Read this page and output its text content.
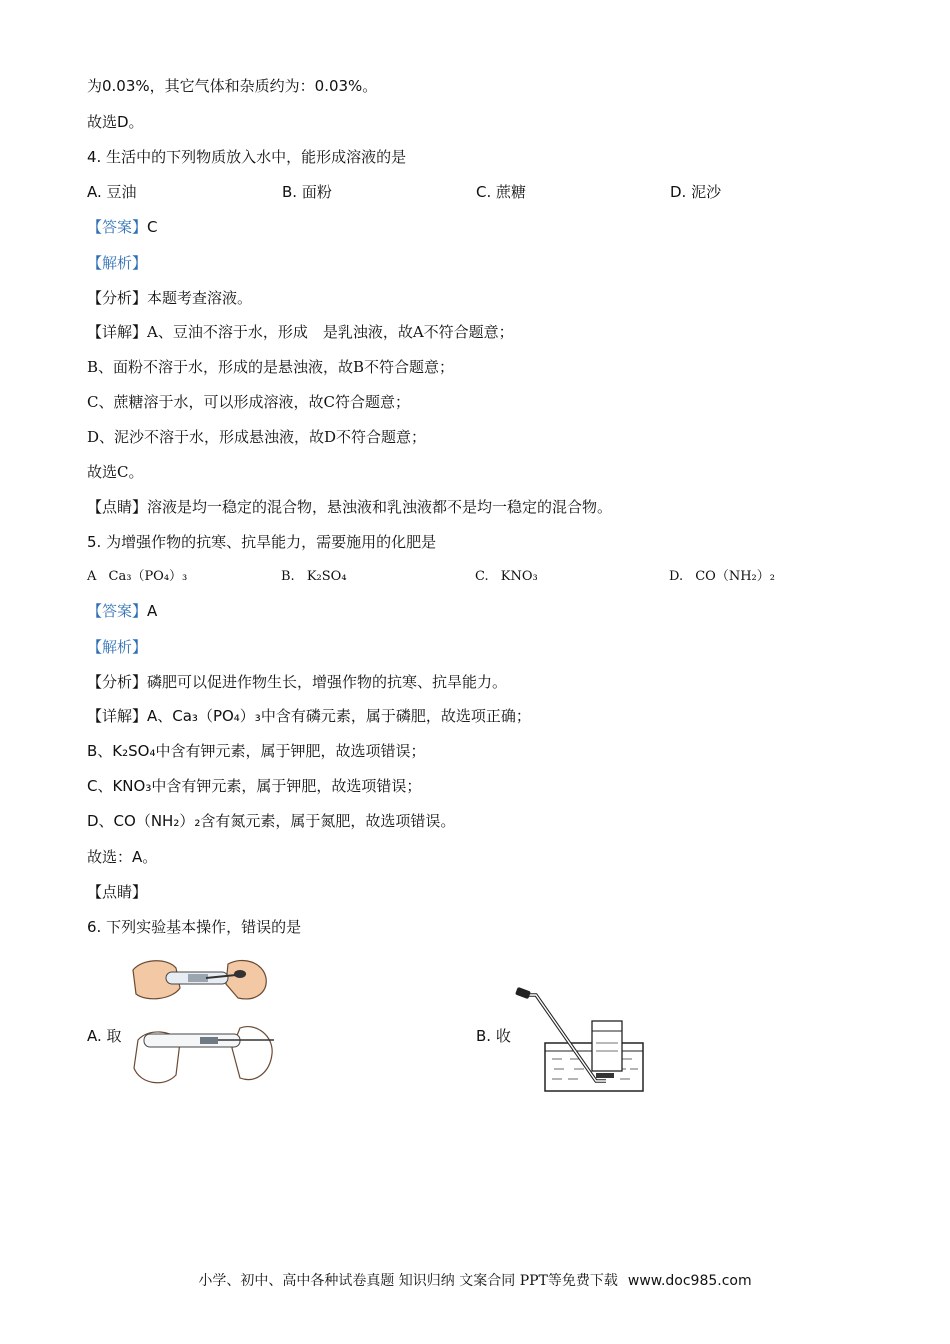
为0.03%，其它气体和杂质约为：0.03%。
故选D。
4. 生活中的下列物质放入水中，能形成溶液的是
A. 豆油	B. 面粉	C. 蔗糖	D. 泥沙
【答案】C
【解析】
【分析】本题考查溶液。
【详解】A、豆油不溶于水，形成　是乳浊液，故A不符合题意；
B、面粉不溶于水，形成的是悬浊液，故B不符合题意；
C、蔗糖溶于水，可以形成溶液，故C符合题意；
D、泥沙不溶于水，形成悬浊液，故D不符合题意；
故选C。
【点睛】溶液是均一稳定的混合物，悬浊液和乳浊液都不是均一稳定的混合物。
5. 为增强作物的抗寒、抗旱能力，需要施用的化肥是
A Ca₃（PO₄）₃	B. K₂SO₄	C. KNO₃	D. CO（NH₂）₂
【答案】A
【解析】
【分析】磷肥可以促进作物生长，增强作物的抗寒、抗旱能力。
【详解】A、Ca₃（PO₄）₃中含有磷元素，属于磷肥，故选项正确；
B、K₂SO₄中含有钾元素，属于钾肥，故选项错误；
C、KNO₃中含有钾元素，属于钾肥，故选项错误；
D、CO（NH₂）₂含有氮元素，属于氮肥，故选项错误。
故选：A。
【点睛】
6. 下列实验基本操作，错误的是
A. 取	B. 收
小学、初中、高中各种试卷真题 知识归纳 文案合同 PPT等免费下载 www.doc985.com
